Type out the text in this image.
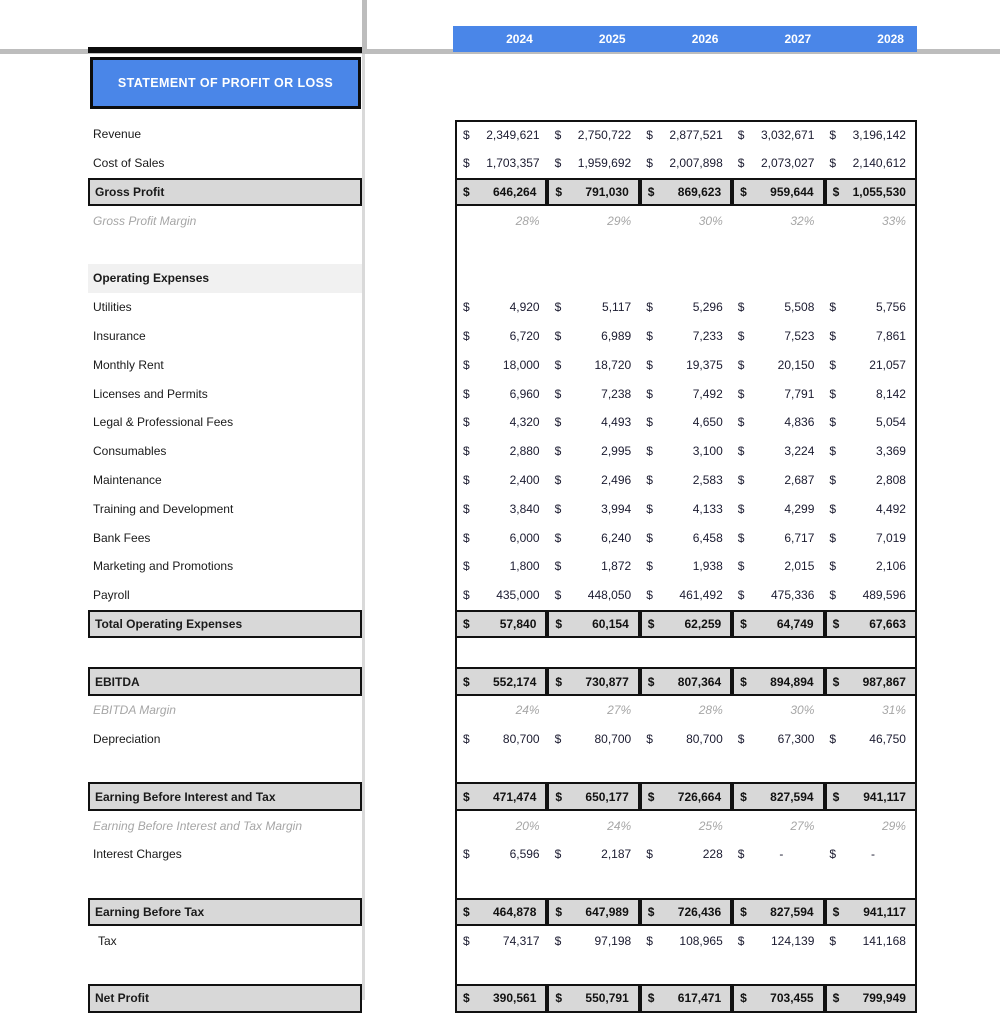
2024	2025	2026	2027	2028
STATEMENT OF PROFIT OR LOSS
Revenue	$ 2,349,621 $ 2,750,722 $ 2,877,521 $ 3,032,671 $ 3,196,142
Cost of Sales	$ 1,703,357 $ 1,959,692 $ 2,007,898 $ 2,073,027 $ 2,140,612
Gross Profit	$ 646,264 $ 791,030 $ 869,623 $ 959,644 $ 1,055,530
Gross Profit Margin	28%	29%	30%	32%	33%
Operating Expenses
Utilities	$	4,920 $	5,117 $	5,296 $	5,508 $	5,756
Insurance	$	6,720 $	6,989 $	7,233 $	7,523 $	7,861
Monthly Rent	$	18,000 $	18,720 $	19,375 $	20,150 $	21,057
Licenses and Permits	$	6,960 $	7,238 $	7,492 $	7,791 $	8,142
Legal & Professional Fees	$	4,320 $	4,493 $	4,650 $	4,836 $	5,054
Consumables	$	2,880 $	2,995 $	3,100 $	3,224 $	3,369
Maintenance	$	2,400 $	2,496 $	2,583 $	2,687 $	2,808
Training and Development	$	3,840 $	3,994 $	4,133 $	4,299 $	4,492
Bank Fees	$	6,000 $	6,240 $	6,458 $	6,717 $	7,019
Marketing and Promotions	$	1,800 $	1,872 $	1,938 $	2,015 $	2,106
Payroll	$ 435,000 $ 448,050 $ 461,492 $ 475,336 $ 489,596
Total Operating Expenses	$	57,840 $	60,154 $	62,259 $	64,749 $	67,663
EBITDA	$ 552,174 $ 730,877 $ 807,364 $ 894,894 $ 987,867
EBITDA Margin	24%	27%	28%	30%	31%
Depreciation	$	80,700 $	80,700 $	80,700 $	67,300 $	46,750
Earning Before Interest and Tax	$ 471,474 $ 650,177 $ 726,664 $ 827,594 $ 941,117
Earning Before Interest and Tax Margin	20%	24%	25%	27%	29%
Interest Charges	$	6,596 $	2,187 $	228 $	-	$	-
Earning Before Tax	$ 464,878 $ 647,989 $ 726,436 $ 827,594 $ 941,117
Tax	$	74,317 $	97,198 $ 108,965 $ 124,139 $ 141,168
Net Profit	$ 390,561 $ 550,791 $ 617,471 $ 703,455 $ 799,949
